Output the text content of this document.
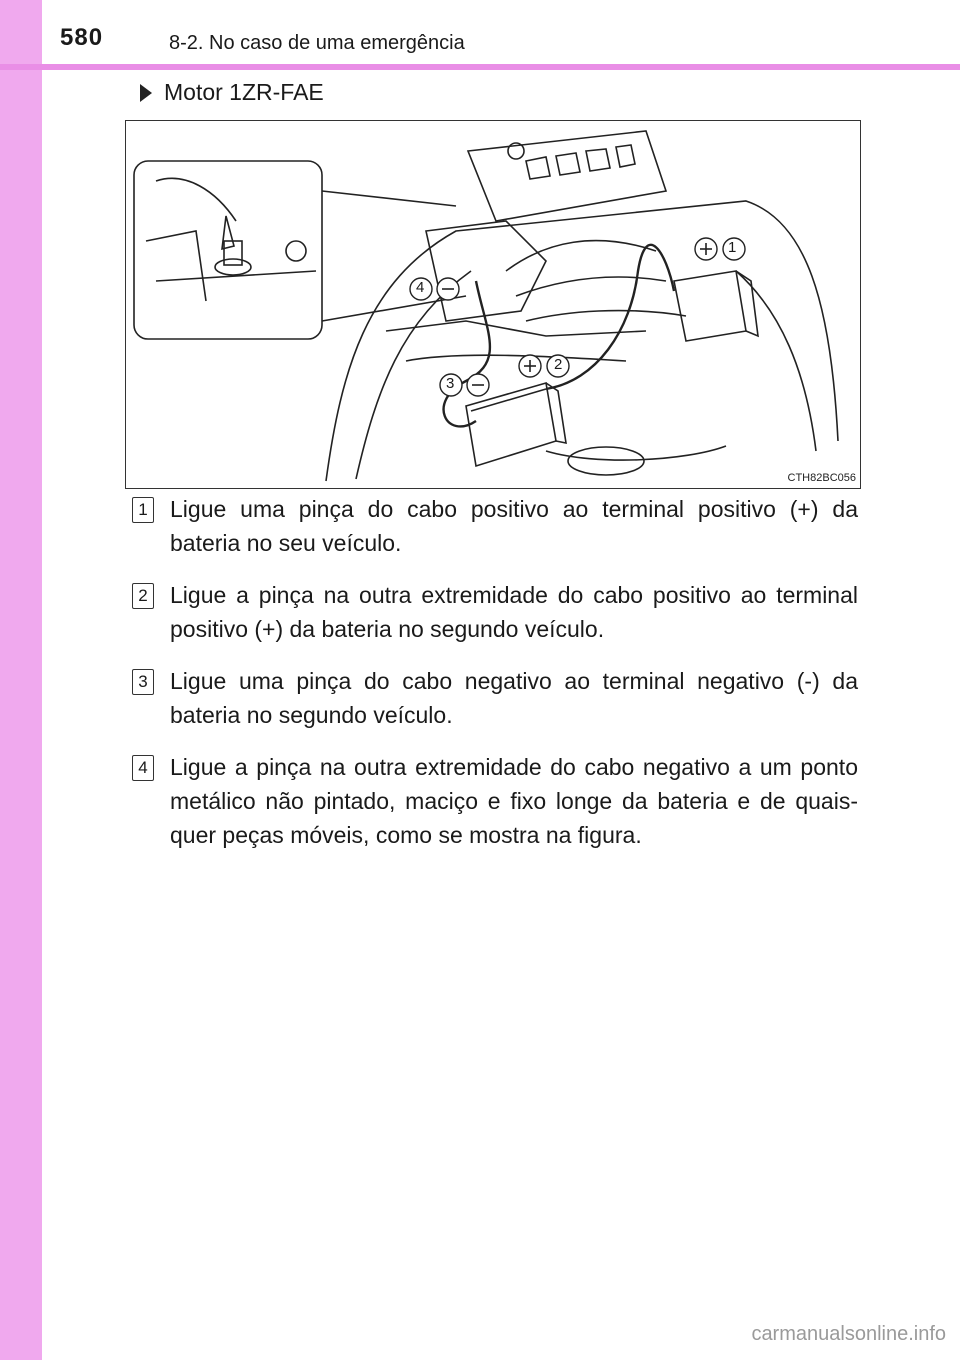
580	8-2. No caso de uma emergência
Motor 1ZR-FAE
1
2
3
4
CTH82BC056
1 Ligue uma pinça do cabo positivo ao terminal positivo (+) da bateria no seu veículo.
2 Ligue a pinça na outra extremidade do cabo positivo ao terminal positivo (+) da bateria no segundo veículo.
3 Ligue uma pinça do cabo negativo ao terminal negativo (-) da bateria no segundo veículo.
4 Ligue a pinça na outra extremidade do cabo negativo a um ponto metálico não pintado, maciço e fixo longe da bateria e de quais-quer peças móveis, como se mostra na figura.
carmanualsonline.info
